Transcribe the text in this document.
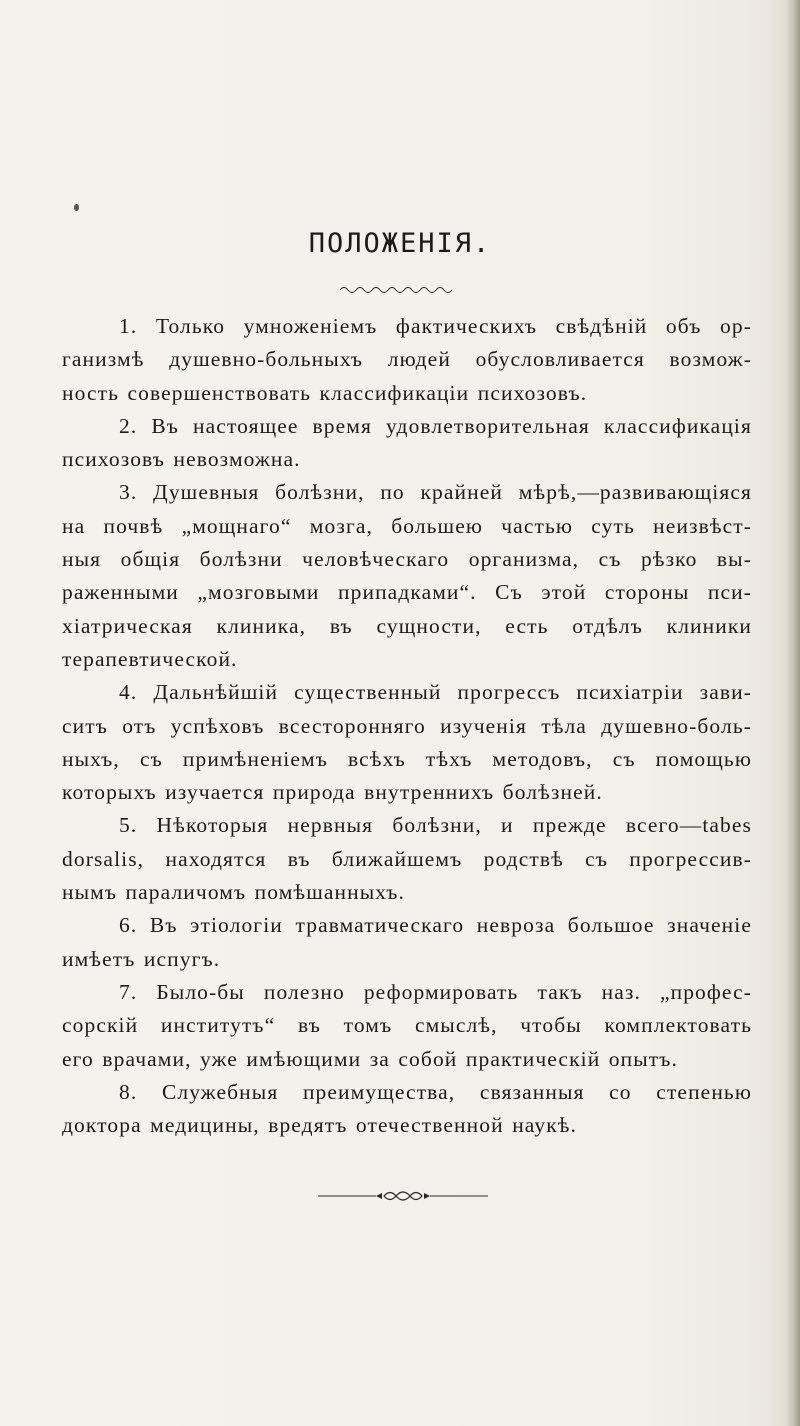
ПОЛОЖЕНІЯ.
1. Только умноженіемъ фактическихъ свѣдѣній объ ор-
ганизмѣ душевно-больныхъ людей обусловливается возмож-
ность совершенствовать классификаціи психозовъ.
2. Въ настоящее время удовлетворительная классификація
психозовъ невозможна.
3. Душевныя болѣзни, по крайней мѣрѣ,—развивающіяся
на почвѣ „мощнаго“ мозга, большею частью суть неизвѣст-
ныя общія болѣзни человѣческаго организма, съ рѣзко вы-
раженными „мозговыми припадками“. Съ этой стороны пси-
хіатрическая клиника, въ сущности, есть отдѣлъ клиники
терапевтической.
4. Дальнѣйшій существенный прогрессъ психіатріи зави-
ситъ отъ успѣховъ всесторонняго изученія тѣла душевно-боль-
ныхъ, съ примѣненіемъ всѣхъ тѣхъ методовъ, съ помощью
которыхъ изучается природа внутреннихъ болѣзней.
5. Нѣкоторыя нервныя болѣзни, и прежде всего—tabes
dorsalis, находятся въ ближайшемъ родствѣ съ прогрессив-
нымъ параличомъ помѣшанныхъ.
6. Въ этіологіи травматическаго невроза большое значеніе
имѣетъ испугъ.
7. Было-бы полезно реформировать такъ наз. „профес-
сорскій институтъ“ въ томъ смыслѣ, чтобы комплектовать
его врачами, уже имѣющими за собой практическій опытъ.
8. Служебныя преимущества, связанныя со степенью
доктора медицины, вредятъ отечественной наукѣ.
